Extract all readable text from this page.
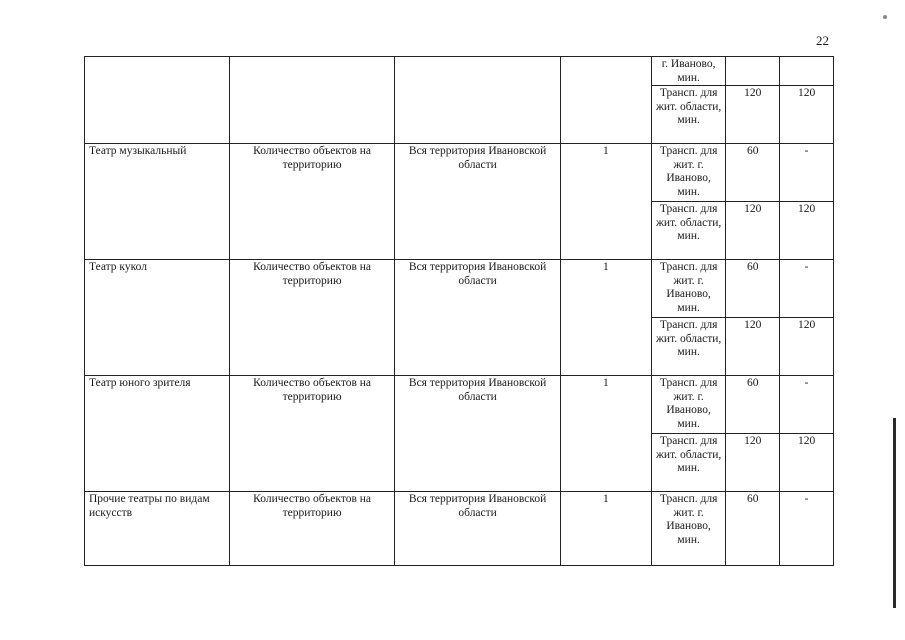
22
				г. Иваново, мин.		
				Трансп. для жит. области, мин.	120	120
Театр музыкальный	Количество объектов на территорию	Вся территория Ивановской области	1	Трансп. для жит. г. Иваново, мин.	60	-
				Трансп. для жит. области, мин.	120	120
Театр кукол	Количество объектов на территорию	Вся территория Ивановской области	1	Трансп. для жит. г. Иваново, мин.	60	-
				Трансп. для жит. области, мин.	120	120
Театр юного зрителя	Количество объектов на территорию	Вся территория Ивановской области	1	Трансп. для жит. г. Иваново, мин.	60	-
				Трансп. для жит. области, мин.	120	120
Прочие театры по видам искусств	Количество объектов на территорию	Вся территория Ивановской области	1	Трансп. для жит. г. Иваново, мин.	60	-
